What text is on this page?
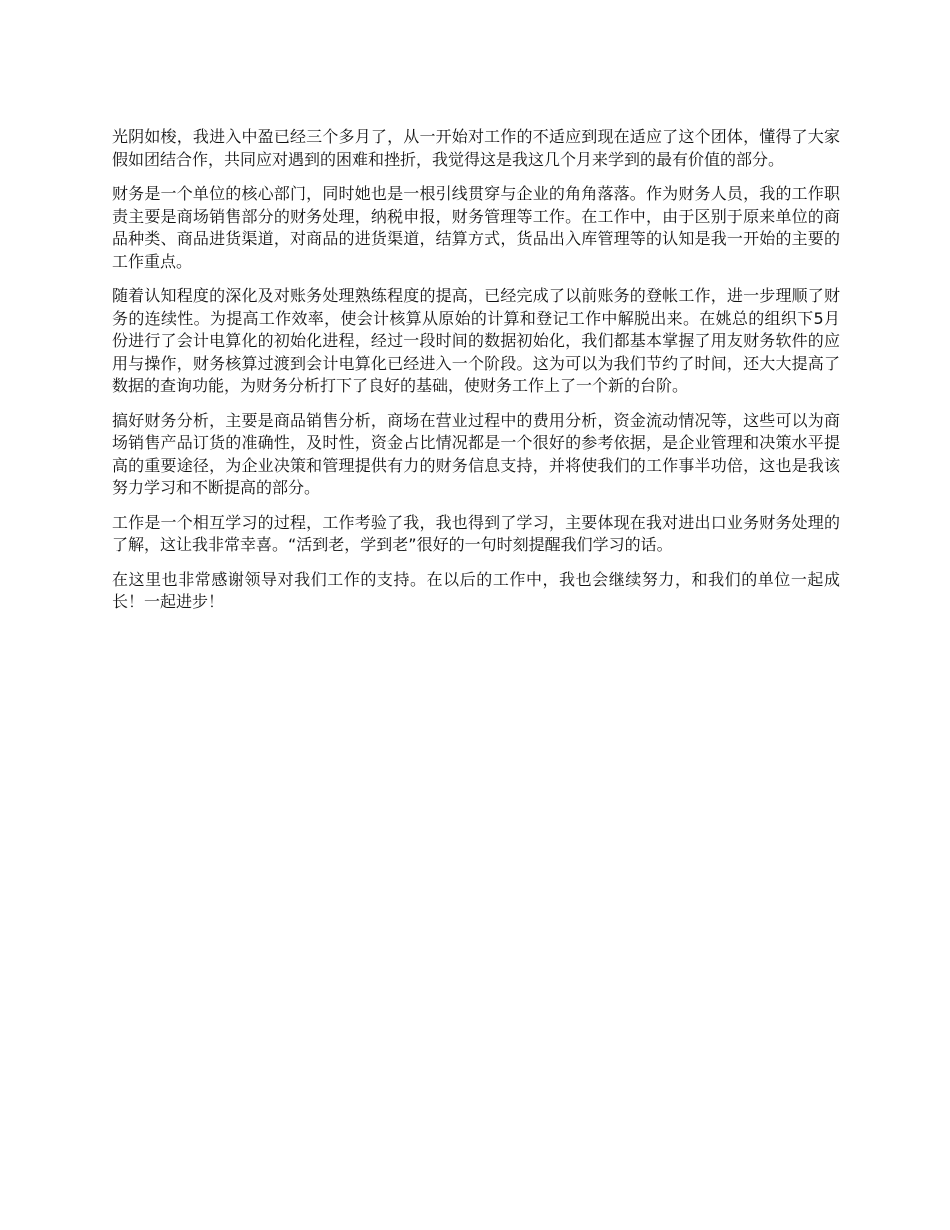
光阴如梭，我进入中盈已经三个多月了，从一开始对工作的不适应到现在适应了这个团体，懂得了大家假如团结合作，共同应对遇到的困难和挫折，我觉得这是我这几个月来学到的最有价值的部分。

财务是一个单位的核心部门，同时她也是一根引线贯穿与企业的角角落落。作为财务人员，我的工作职责主要是商场销售部分的财务处理，纳税申报，财务管理等工作。在工作中，由于区别于原来单位的商品种类、商品进货渠道，对商品的进货渠道，结算方式，货品出入库管理等的认知是我一开始的主要的工作重点。

随着认知程度的深化及对账务处理熟练程度的提高，已经完成了以前账务的登帐工作，进一步理顺了财务的连续性。为提高工作效率，使会计核算从原始的计算和登记工作中解脱出来。在姚总的组织下5月份进行了会计电算化的初始化进程，经过一段时间的数据初始化，我们都基本掌握了用友财务软件的应用与操作，财务核算过渡到会计电算化已经进入一个阶段。这为可以为我们节约了时间，还大大提高了数据的查询功能，为财务分析打下了良好的基础，使财务工作上了一个新的台阶。

搞好财务分析，主要是商品销售分析，商场在营业过程中的费用分析，资金流动情况等，这些可以为商场销售产品订货的准确性，及时性，资金占比情况都是一个很好的参考依据，是企业管理和决策水平提高的重要途径，为企业决策和管理提供有力的财务信息支持，并将使我们的工作事半功倍，这也是我该努力学习和不断提高的部分。

工作是一个相互学习的过程，工作考验了我，我也得到了学习，主要体现在我对进出口业务财务处理的了解，这让我非常幸喜。“活到老，学到老”很好的一句时刻提醒我们学习的话。

在这里也非常感谢领导对我们工作的支持。在以后的工作中，我也会继续努力，和我们的单位一起成长！一起进步！
